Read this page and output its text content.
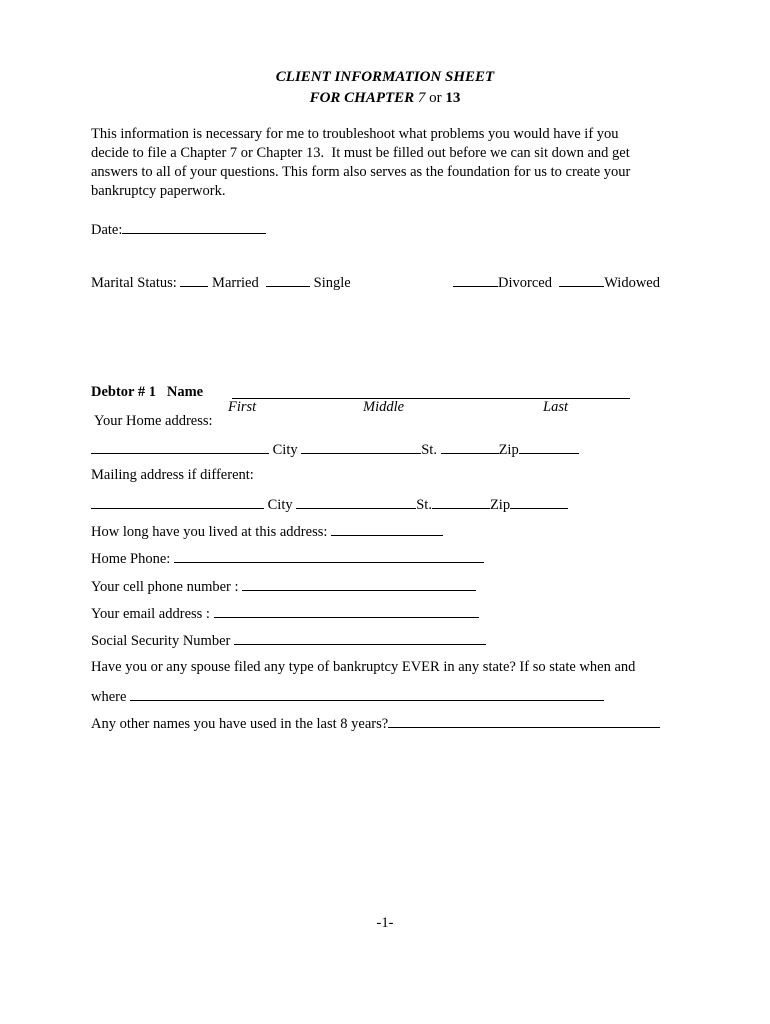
CLIENT INFORMATION SHEET
FOR CHAPTER 7 or 13
This information is necessary for me to troubleshoot what problems you would have if you
decide to file a Chapter 7 or Chapter 13.  It must be filled out before we can sit down and get
answers to all of your questions. This form also serves as the foundation for us to create your
bankruptcy paperwork.
Date:
Marital Status: Married	Single	Divorced	Widowed
Debtor # 1   Name
First	Middle	Last
Your Home address:
City	St.	Zip
Mailing address if different:
City	St.	Zip
How long have you lived at this address:
Home Phone:
Your cell phone number :
Your email address :
Social Security Number
Have you or any spouse filed any type of bankruptcy EVER in any state? If so state when and
where
Any other names you have used in the last 8 years?
-1-
